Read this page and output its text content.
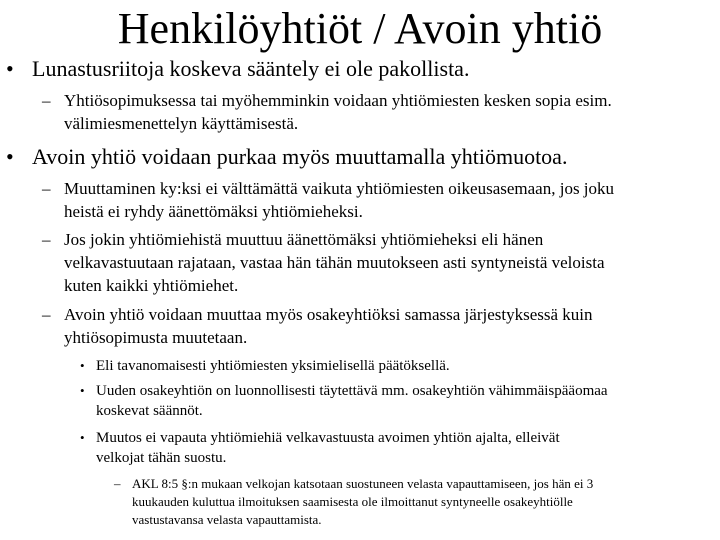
Henkilöyhtiöt / Avoin yhtiö
• Lunastusriitoja koskeva sääntely ei ole pakollista.
– Yhtiösopimuksessa tai myöhemminkin voidaan yhtiömiesten kesken sopia esim.
välimiesmenettelyn käyttämisestä.
• Avoin yhtiö voidaan purkaa myös muuttamalla yhtiömuotoa.
– Muuttaminen ky:ksi ei välttämättä vaikuta yhtiömiesten oikeusasemaan, jos joku
heistä ei ryhdy äänettömäksi yhtiömieheksi.
– Jos jokin yhtiömiehistä muuttuu äänettömäksi yhtiömieheksi eli hänen
velkavastuutaan rajataan, vastaa hän tähän muutokseen asti syntyneistä veloista
kuten kaikki yhtiömiehet.
– Avoin yhtiö voidaan muuttaa myös osakeyhtiöksi samassa järjestyksessä kuin
yhtiösopimusta muutetaan.
• Eli tavanomaisesti yhtiömiesten yksimielisellä päätöksellä.
• Uuden osakeyhtiön on luonnollisesti täytettävä mm. osakeyhtiön vähimmäispääomaa
koskevat säännöt.
• Muutos ei vapauta yhtiömiehiä velkavastuusta avoimen yhtiön ajalta, elleivät
velkojat tähän suostu.
– AKL 8:5 §:n mukaan velkojan katsotaan suostuneen velasta vapauttamiseen, jos hän ei 3
kuukauden kuluttua ilmoituksen saamisesta ole ilmoittanut syntyneelle osakeyhtiölle
vastustavansa velasta vapauttamista.
